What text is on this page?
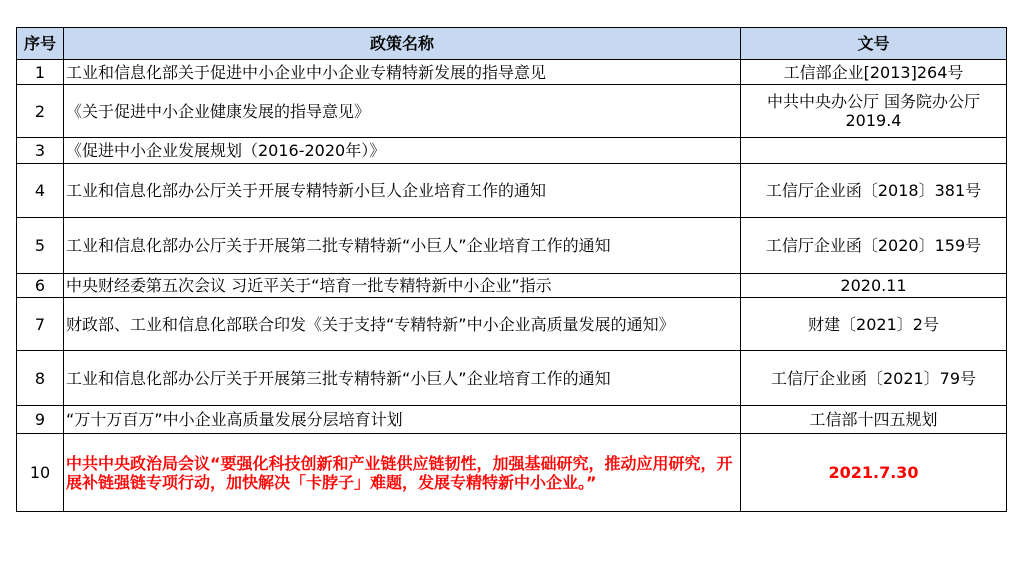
序号	政策名称	文号
1	工业和信息化部关于促进中小企业中小企业专精特新发展的指导意见	工信部企业[2013]264号
2	《关于促进中小企业健康发展的指导意见》	中共中央办公厅 国务院办公厅 2019.4
3	《促进中小企业发展规划（2016-2020年）》	
4	工业和信息化部办公厅关于开展专精特新小巨人企业培育工作的通知	工信厅企业函〔2018〕381号
5	工业和信息化部办公厅关于开展第二批专精特新“小巨人”企业培育工作的通知	工信厅企业函〔2020〕159号
6	中央财经委第五次会议 习近平关于“培育一批专精特新中小企业”指示	2020.11
7	财政部、工业和信息化部联合印发《关于支持“专精特新”中小企业高质量发展的通知》	财建〔2021〕2号
8	工业和信息化部办公厅关于开展第三批专精特新“小巨人”企业培育工作的通知	工信厅企业函〔2021〕79号
9	“万十万百万”中小企业高质量发展分层培育计划	工信部十四五规划
10	中共中央政治局会议“要强化科技创新和产业链供应链韧性，加强基础研究，推动应用研究，开展补链强链专项行动，加快解决「卡脖子」难题，发展专精特新中小企业。”	2021.7.30
